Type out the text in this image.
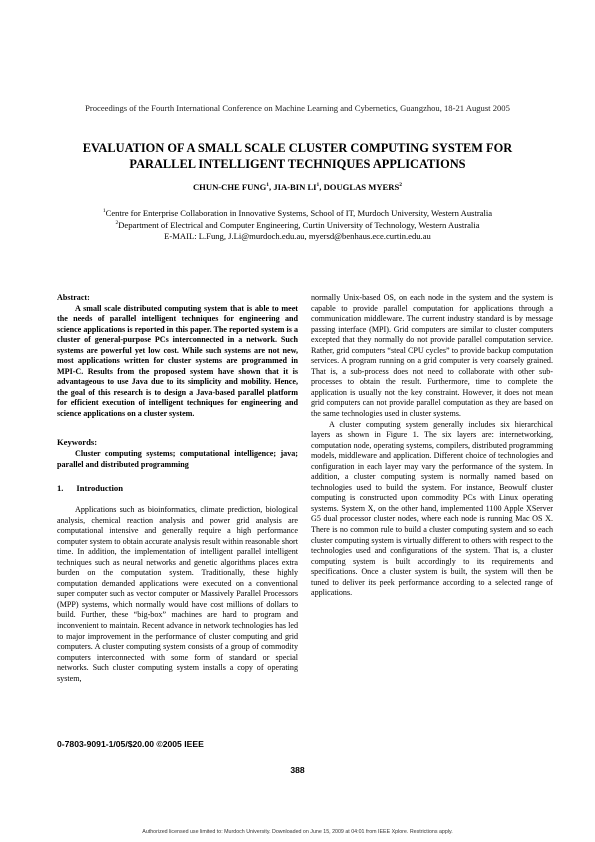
Proceedings of the Fourth International Conference on Machine Learning and Cybernetics, Guangzhou, 18-21 August 2005
EVALUATION OF A SMALL SCALE CLUSTER COMPUTING SYSTEM FOR PARALLEL INTELLIGENT TECHNIQUES APPLICATIONS
CHUN-CHE FUNG$^1$, JIA-BIN $LI^1$, DOUGLAS MYERS$^2$
$^1$Centre for Enterprise Collaboration in Innovative Systems, School of IT, Murdoch University, Western Australia
$^2$Department of Electrical and Computer Engineering, Curtin University of Technology, Western Australia
E-MAIL: L.Fung, J.Li@murdoch.edu.au, myersd@benhaus.ece.curtin.edu.au
Abstract:

A small scale distributed computing system that is able to meet the needs of parallel intelligent techniques for engineering and science applications is reported in this paper. The reported system is a cluster of general-purpose PCs interconnected in a network. Such systems are powerful yet low cost. While such systems are not new, most applications written for cluster systems are programmed in MPI-C. Results from the proposed system have shown that it is advantageous to use Java due to its simplicity and mobility. Hence, the goal of this research is to design a Java-based parallel platform for efficient execution of intelligent techniques for engineering and science applications on a cluster system.

Keywords:

Cluster computing systems; computational intelligence; java; parallel and distributed programming

1. Introduction

Applications such as bioinformatics, climate prediction, biological analysis, chemical reaction analysis and power grid analysis are computational intensive and generally require a high performance computer system to obtain accurate analysis result within reasonable short time. In addition, the implementation of intelligent parallel intelligent techniques such as neural networks and genetic algorithms places extra burden on the computation system. Traditionally, these highly computation demanded applications were executed on a conventional super computer such as vector computer or Massively Parallel Processors (MPP) systems, which normally would have cost millions of dollars to build. Further, these “big-box” machines are hard to program and inconvenient to maintain. Recent advance in network technologies has led to major improvement in the performance of cluster computing and grid computers. A cluster computing system consists of a group of commodity computers interconnected with some form of standard or special networks. Such cluster computing system installs a copy of operating system,

normally Unix-based OS, on each node in the system and the system is capable to provide parallel computation for applications through a communication middleware. The current industry standard is by message passing interface (MPI). Grid computers are similar to cluster computers excepted that they normally do not provide parallel computation service. Rather, grid computers “steal CPU cycles” to provide backup computation services. A program running on a grid computer is very coarsely grained. That is, a sub-process does not need to collaborate with other sub-processes to obtain the result. Furthermore, time to complete the application is usually not the key constraint. However, it does not mean grid computers can not provide parallel computation as they are based on the same technologies used in cluster systems.

A cluster computing system generally includes six hierarchical layers as shown in Figure 1. The six layers are: internetworking, computation node, operating systems, compilers, distributed programming models, middleware and application. Different choice of technologies and configuration in each layer may vary the performance of the system. In addition, a cluster computing system is normally named based on technologies used to build the system. For instance, Beowulf cluster computing is constructed upon commodity PCs with Linux operating systems. System X, on the other hand, implemented 1100 Apple XServer G5 dual processor cluster nodes, where each node is running Mac OS X. There is no common rule to build a cluster computing system and so each cluster computing system is virtually different to others with respect to the technologies used and configurations of the system. That is, a cluster computing system is built accordingly to its requirements and specifications. Once a cluster system is built, the system will then be tuned to deliver its peek performance according to a selected range of applications.

0-7803-9091-1/05/$20.00 ©2005 IEEE
388
Authorized licensed use limited to: Murdoch University. Downloaded on June 15, 2009 at 04:01 from IEEE Xplore. Restrictions apply.
